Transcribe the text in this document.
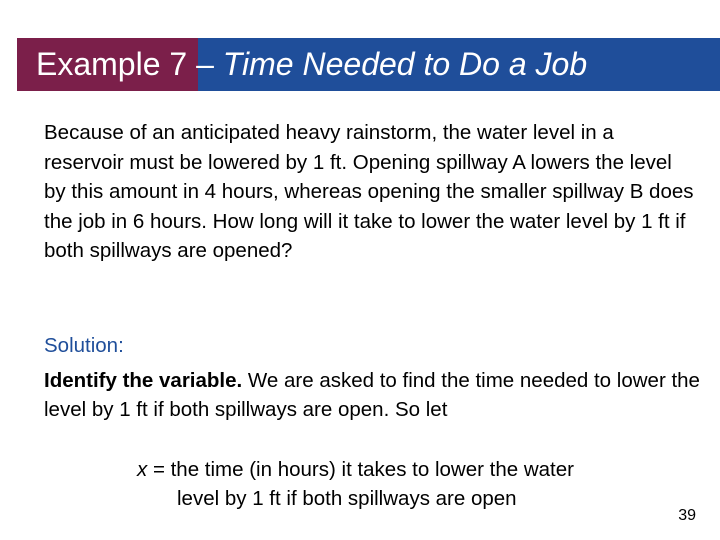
Example 7 – Time Needed to Do a Job

Because of an anticipated heavy rainstorm, the water level in a reservoir must be lowered by 1 ft. Opening spillway A lowers the level by this amount in 4 hours, whereas opening the smaller spillway B does the job in 6 hours. How long will it take to lower the water level by 1 ft if both spillways are opened?

Solution:

Identify the variable. We are asked to find the time needed to lower the level by 1 ft if both spillways are open. So let

x = the time (in hours) it takes to lower the water
level by 1 ft if both spillways are open

39
